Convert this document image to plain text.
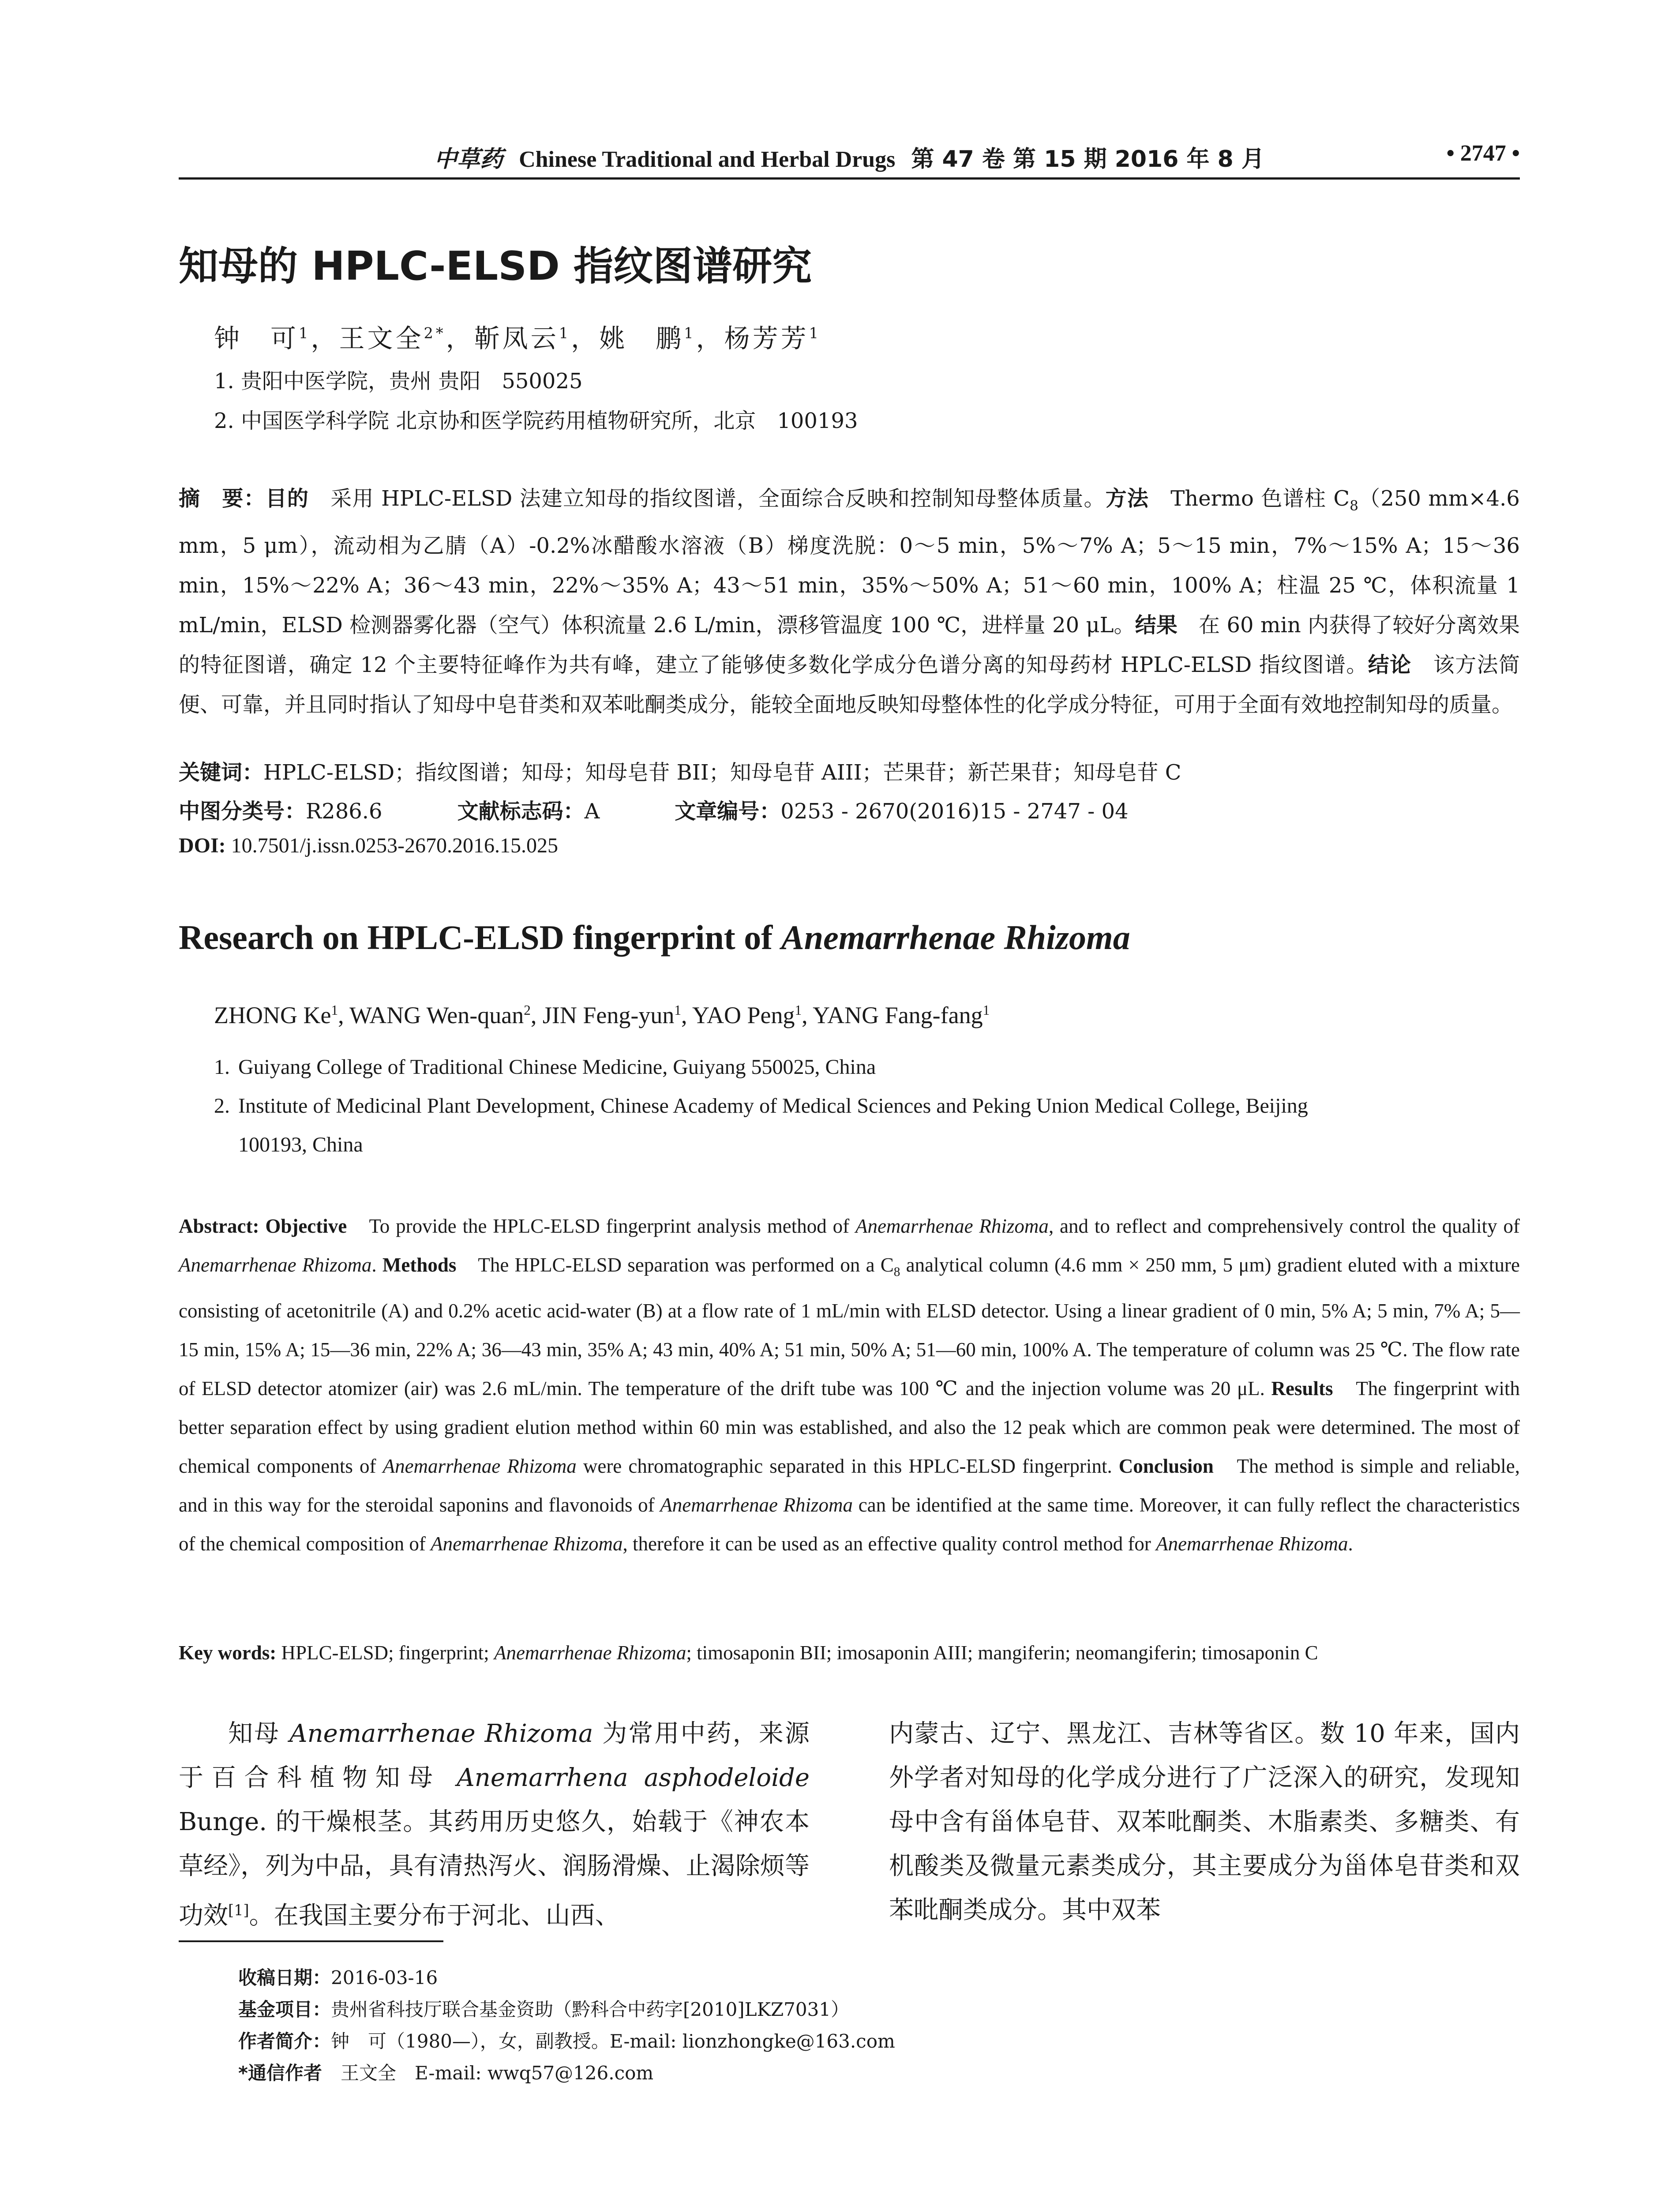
中草药 Chinese Traditional and Herbal Drugs 第 47 卷 第 15 期 2016 年 8 月	• 2747 •
知母的 HPLC-ELSD 指纹图谱研究
钟　可$^1$，王文全$^{2*}$，靳凤云$^1$，姚　鹏$^1$，杨芳芳$^1$
1. 贵阳中医学院，贵州 贵阳　550025
2. 中国医学科学院 北京协和医学院药用植物研究所，北京　100193
摘　要：目的　采用 HPLC-ELSD 法建立知母的指纹图谱，全面综合反映和控制知母整体质量。方法　Thermo 色谱柱 $C_8(250$ mm×4.6 mm，5 μm），流动相为乙腈（A）-0.2%冰醋酸水溶液（B）梯度洗脱：0～5 min，5%～7% A；5～15 min，7%～15% A；15～36 min，15%～22% A；36～43 min，22%～35% A；43～51 min，35%～50% A；51～60 min，100% A；柱温 25 ℃，体积流量 1 mL/min，ELSD 检测器雾化器（空气）体积流量 2.6 L/min，漂移管温度 100 ℃，进样量 20 μL。结果　在 60 min 内获得了较好分离效果的特征图谱，确定 12 个主要特征峰作为共有峰，建立了能够使多数化学成分色谱分离的知母药材 HPLC-ELSD 指纹图谱。结论　该方法简便、可靠，并且同时指认了知母中皂苷类和双苯吡酮类成分，能较全面地反映知母整体性的化学成分特征，可用于全面有效地控制知母的质量。
关键词：HPLC-ELSD；指纹图谱；知母；知母皂苷 BII；知母皂苷 AIII；芒果苷；新芒果苷；知母皂苷 C
中图分类号：R286.6	文献标志码：A	文章编号：0253 - 2670(2016)15 - 2747 - 04
DOI: 10.7501/j.issn.0253-2670.2016.15.025
Research on HPLC-ELSD fingerprint of Anemarrhenae Rhizoma
ZHONG Ke$^1$, WANG Wen-quan$^2$, JIN Feng-yun$^1$, YAO Peng$^1$, YANG Fang-fang$^1$
1. Guiyang College of Traditional Chinese Medicine, Guiyang 550025, China
2. Institute of Medicinal Plant Development, Chinese Academy of Medical Sciences and Peking Union Medical College, Beijing
100193, China
Abstract: Objective　To provide the HPLC-ELSD fingerprint analysis method of Anemarrhenae Rhizoma, and to reflect and comprehensively control the quality of Anemarrhenae Rhizoma. Methods　The HPLC-ELSD separation was performed on a $C_8$ analytical column (4.6 mm × 250 mm, 5 μm) gradient eluted with a mixture consisting of acetonitrile (A) and 0.2% acetic acid-water (B) at a flow rate of 1 mL/min with ELSD detector. Using a linear gradient of 0 min, 5% A; 5 min, 7% A; 5—15 min, 15% A; 15—36 min, 22% A; 36—43 min, 35% A; 43 min, 40% A; 51 min, 50% A; 51—60 min, 100% A. The temperature of column was 25 ℃. The flow rate of ELSD detector atomizer (air) was 2.6 mL/min. The temperature of the drift tube was 100 ℃ and the injection volume was 20 μL. Results　The fingerprint with better separation effect by using gradient elution method within 60 min was established, and also the 12 peak which are common peak were determined. The most of chemical components of Anemarrhenae Rhizoma were chromatographic separated in this HPLC-ELSD fingerprint. Conclusion　The method is simple and reliable, and in this way for the steroidal saponins and flavonoids of Anemarrhenae Rhizoma can be identified at the same time. Moreover, it can fully reflect the characteristics of the chemical composition of Anemarrhenae Rhizoma, therefore it can be used as an effective quality control method for Anemarrhenae Rhizoma.
Key words: HPLC-ELSD; fingerprint; Anemarrhenae Rhizoma; timosaponin BII; imosaponin AIII; mangiferin; neomangiferin; timosaponin C
知母 Anemarrhenae Rhizoma 为常用中药，来源于百合科植物知母 Anemarrhena asphodeloide Bunge. 的干燥根茎。其药用历史悠久，始载于《神农本草经》，列为中品，具有清热泻火、润肠滑燥、止渴除烦等功效[1]。在我国主要分布于河北、山西、
内蒙古、辽宁、黑龙江、吉林等省区。数 10 年来，国内外学者对知母的化学成分进行了广泛深入的研究，发现知母中含有甾体皂苷、双苯吡酮类、木脂素类、多糖类、有机酸类及微量元素类成分，其主要成分为甾体皂苷类和双苯吡酮类成分。其中双苯
收稿日期：2016-03-16
基金项目：贵州省科技厅联合基金资助（黔科合中药字[2010]LKZ7031）
作者简介：钟　可（1980—），女，副教授。E-mail: lionzhongke@163.com
*通信作者　王文全　E-mail: wwq57@126.com
